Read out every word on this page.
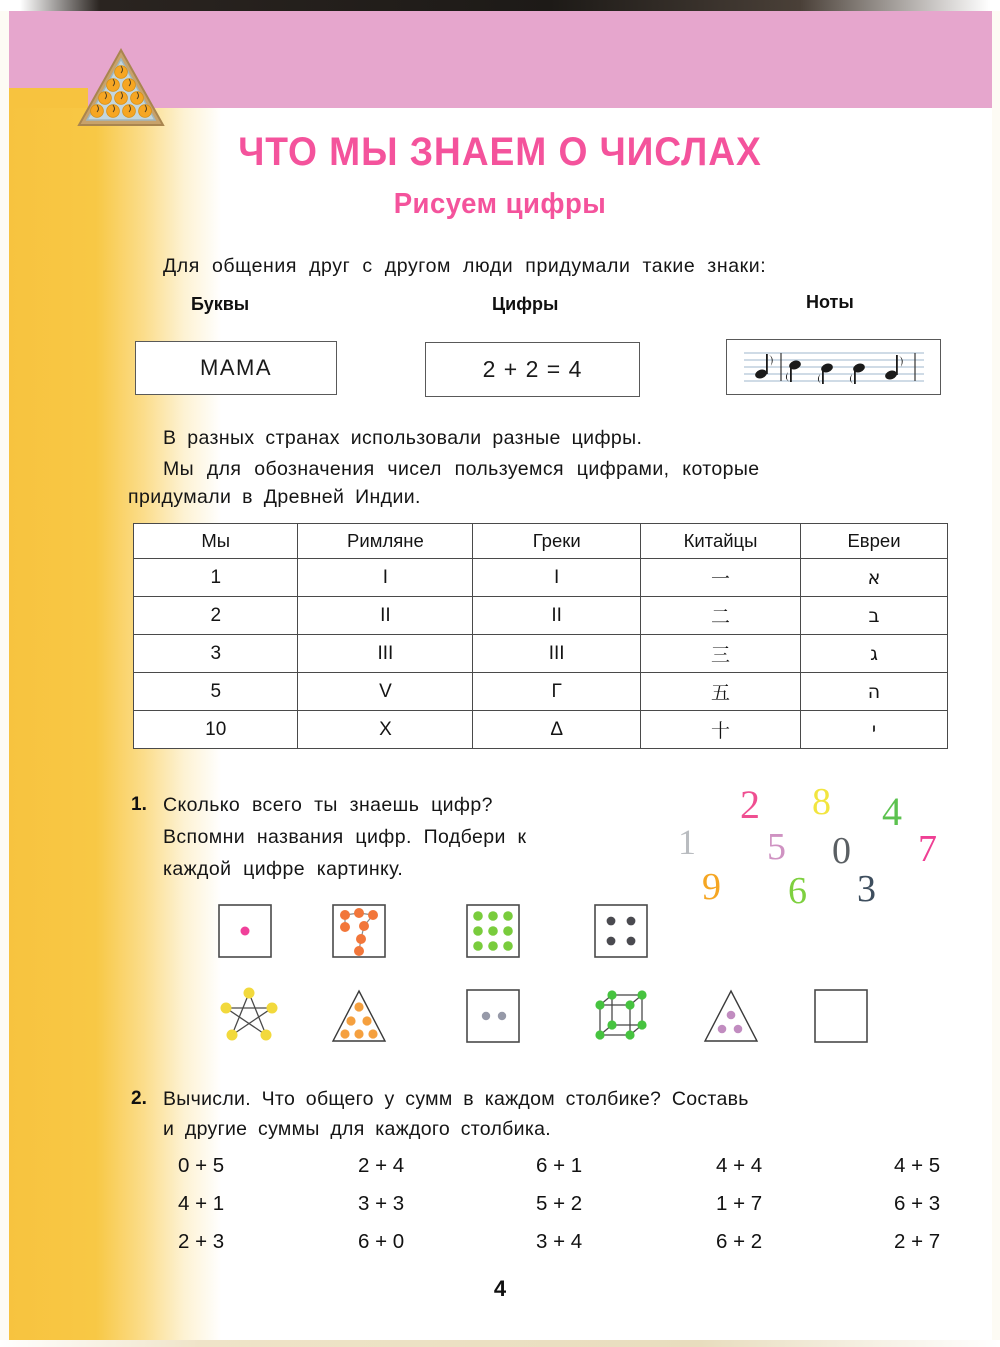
ЧТО МЫ ЗНАЕМ О ЧИСЛАХ
Рисуем цифры
Для общения друг с другом люди придумали такие знаки:
Буквы	Цифры	Ноты
МАМА	2 + 2 = 4
В разных странах использовали разные цифры.
Мы для обозначения чисел пользуемся цифрами, которые
придумали в Древней Индии.
Мы	Римляне	Греки	Китайцы	Евреи
1	I	I	一	א
2	II	II	二	ב
3	III	III	三	ג
5	V	Γ	五	ה
10	X	Δ	十	י
1. Сколько всего ты знаешь цифр?
Вспомни названия цифр. Подбери к
каждой цифре картинку.
1
2 8 4
5 0 7
9 6 3
2. Вычисли. Что общего у сумм в каждом столбике? Составь
и другие суммы для каждого столбика.
0 + 5	2 + 4	6 + 1	4 + 4	4 + 5
4 + 1	3 + 3	5 + 2	1 + 7	6 + 3
2 + 3	6 + 0	3 + 4	6 + 2	2 + 7
4
